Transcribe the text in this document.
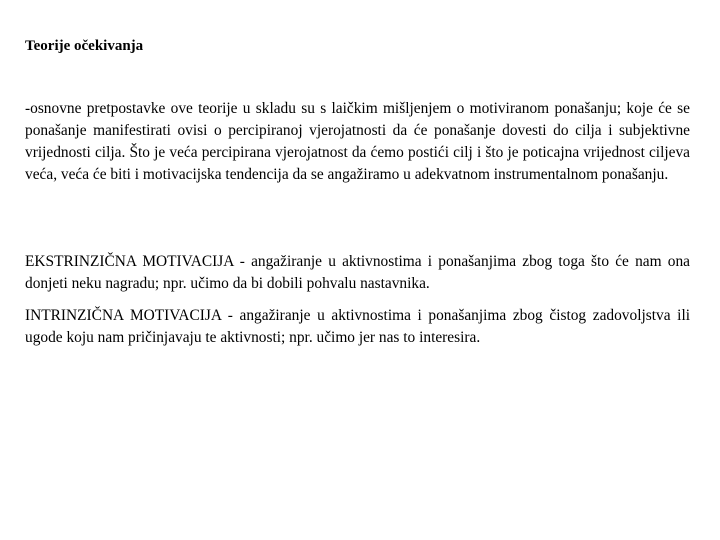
Teorije očekivanja

-osnovne pretpostavke ove teorije u skladu su s laičkim mišljenjem o motiviranom ponašanju; koje će se ponašanje manifestirati ovisi o percipiranoj vjerojatnosti da će ponašanje dovesti do cilja i subjektivne vrijednosti cilja. Što je veća percipirana vjerojatnost da ćemo postići cilj i što je poticajna vrijednost ciljeva veća, veća će biti i motivacijska tendencija da se angažiramo u adekvatnom instrumentalnom ponašanju.

EKSTRINZIČNA MOTIVACIJA - angažiranje u aktivnostima i ponašanjima zbog toga što će nam ona donjeti neku nagradu; npr. učimo da bi dobili pohvalu nastavnika.

INTRINZIČNA MOTIVACIJA - angažiranje u aktivnostima i ponašanjima zbog čistog zadovoljstva ili ugode koju nam pričinjavaju te aktivnosti; npr. učimo jer nas to interesira.
